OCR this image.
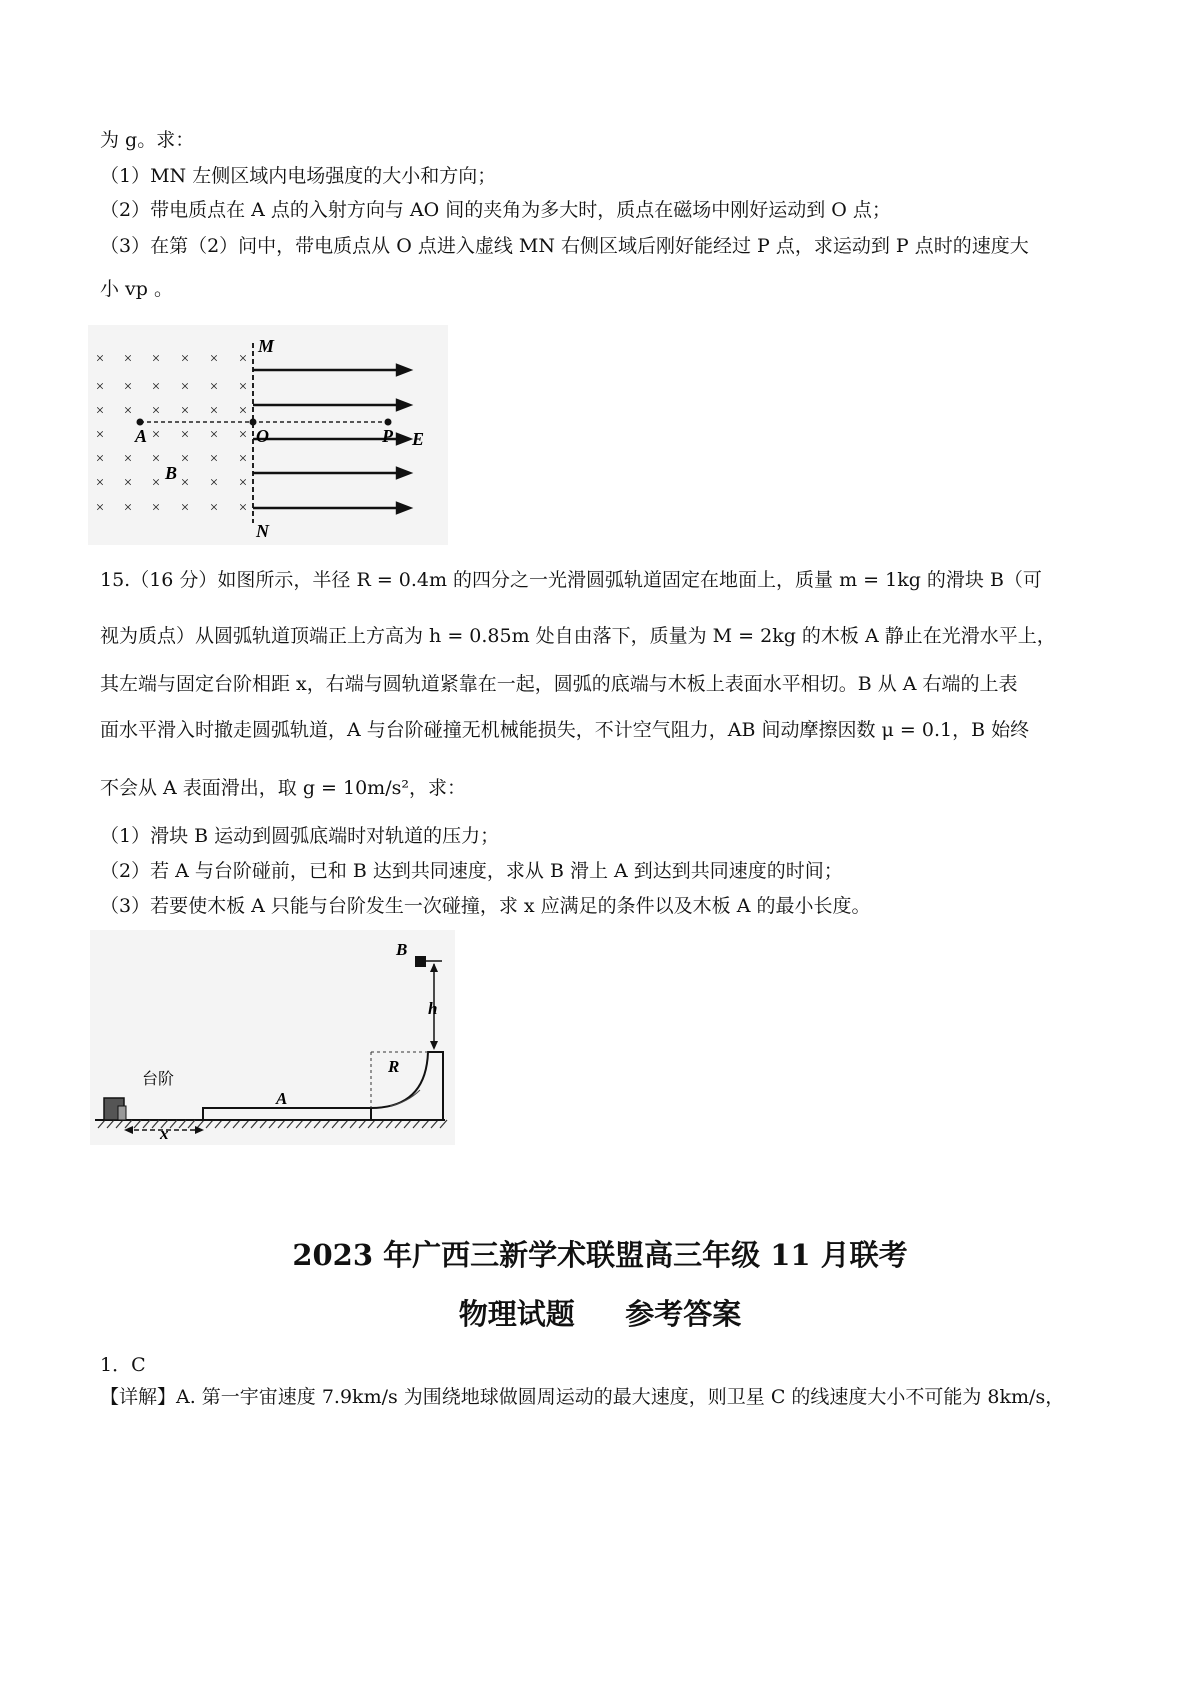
为 g。求：
（1）MN 左侧区域内电场强度的大小和方向；
（2）带电质点在 A 点的入射方向与 AO 间的夹角为多大时，质点在磁场中刚好运动到 O 点；
（3）在第（2）问中，带电质点从 O 点进入虚线 MN 右侧区域后刚好能经过 P 点，求运动到 P 点时的速度大
小 vp 。
× × × × × ×
× × × × × ×
× × × × × ×
×	× × × ×
× × × × × ×
× × × × × ×
× × × × × ×
M
N
A	O	P E
B
15.（16 分）如图所示，半径 R = 0.4m 的四分之一光滑圆弧轨道固定在地面上，质量 m = 1kg 的滑块 B（可
视为质点）从圆弧轨道顶端正上方高为 h = 0.85m 处自由落下，质量为 M = 2kg 的木板 A 静止在光滑水平上，
其左端与固定台阶相距 x，右端与圆轨道紧靠在一起，圆弧的底端与木板上表面水平相切。B 从 A 右端的上表
面水平滑入时撤走圆弧轨道，A 与台阶碰撞无机械能损失，不计空气阻力，AB 间动摩擦因数 μ = 0.1，B 始终
不会从 A 表面滑出，取 g = 10m/s²，求：
（1）滑块 B 运动到圆弧底端时对轨道的压力；
（2）若 A 与台阶碰前，已和 B 达到共同速度，求从 B 滑上 A 到达到共同速度的时间；
（3）若要使木板 A 只能与台阶发生一次碰撞，求 x 应满足的条件以及木板 A 的最小长度。
台阶
A
R
B
h
x
2023 年广西三新学术联盟高三年级 11 月联考
物理试题     参考答案
1．C
【详解】A. 第一宇宙速度 7.9km/s 为围绕地球做圆周运动的最大速度，则卫星 C 的线速度大小不可能为 8km/s，
